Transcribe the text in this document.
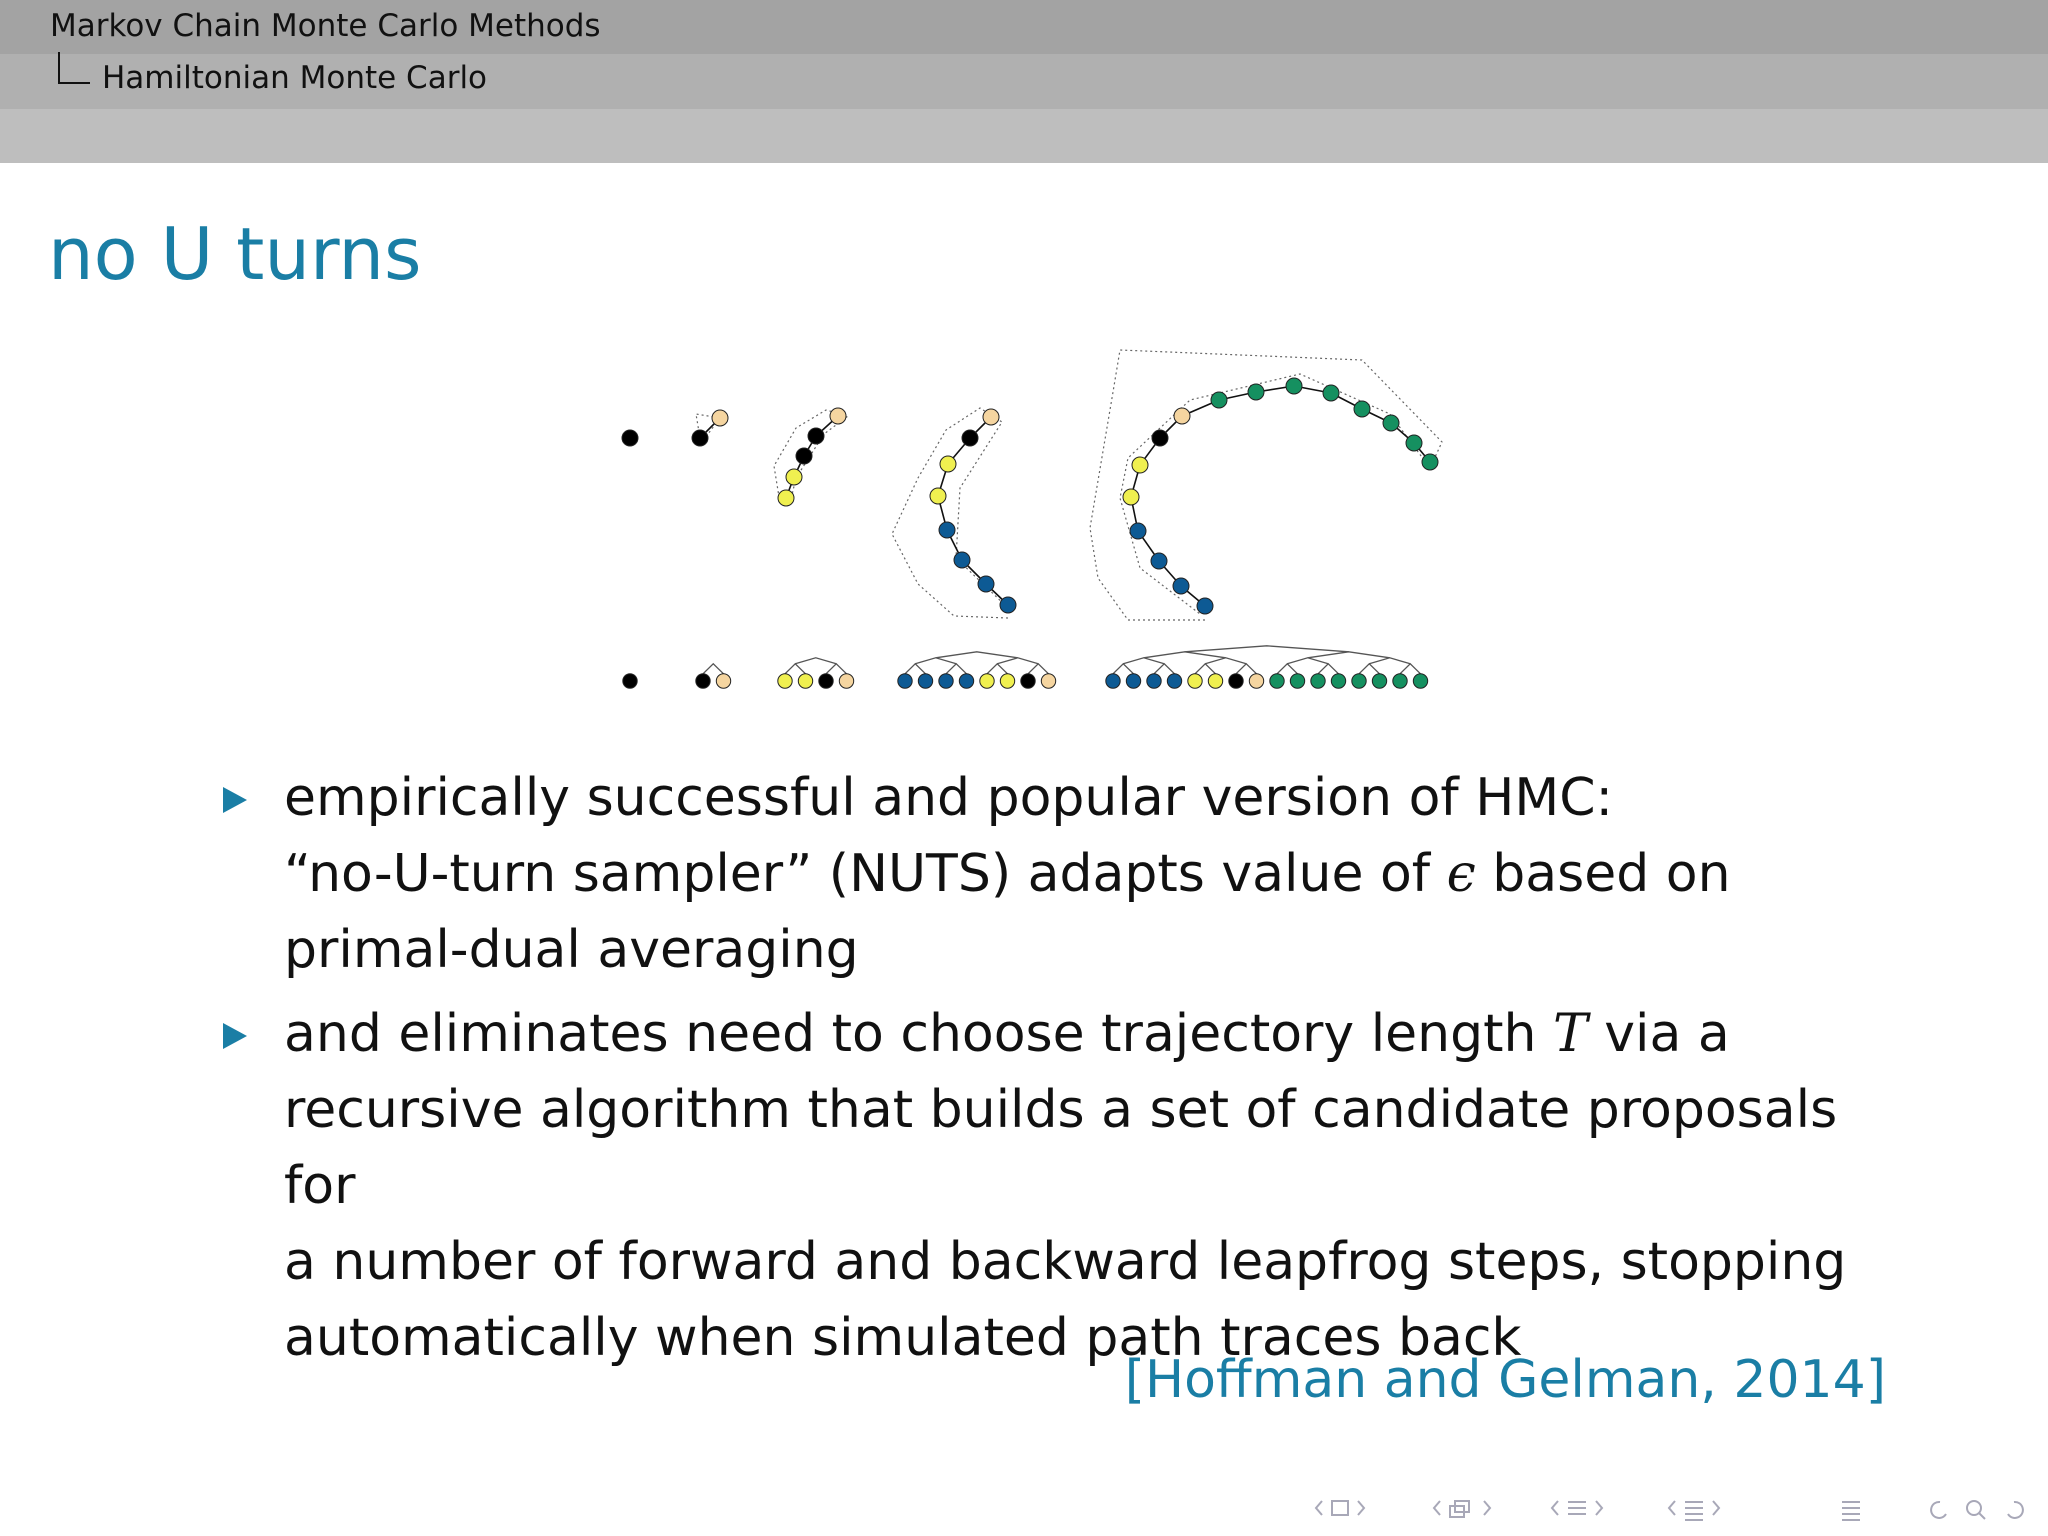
Markov Chain Monte Carlo Methods
Hamiltonian Monte Carlo
no U turns
empirically successful and popular version of HMC:
“no-U-turn sampler” (NUTS) adapts value of ϵ based on
primal-dual averaging
and eliminates need to choose trajectory length T via a
recursive algorithm that builds a set of candidate proposals for
a number of forward and backward leapfrog steps, stopping
automatically when simulated path traces back
[Hoffman and Gelman, 2014]
